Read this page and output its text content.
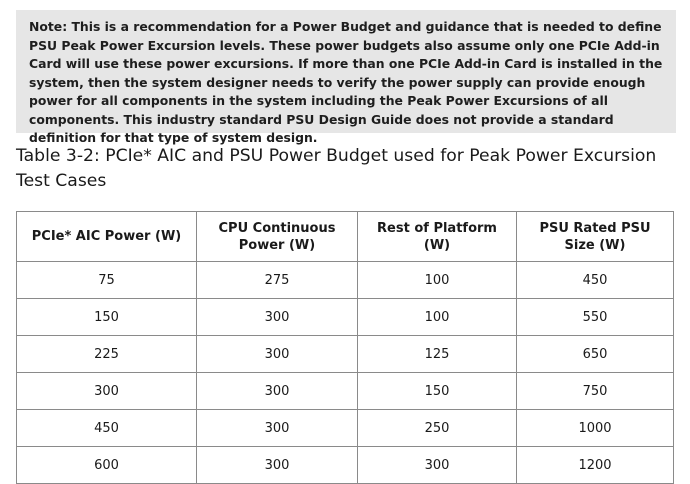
Note: This is a recommendation for a Power Budget and guidance that is needed to define PSU Peak Power Excursion levels. These power budgets also assume only one PCIe Add-in Card will use these power excursions. If more than one PCIe Add-in Card is installed in the system, then the system designer needs to verify the power supply can provide enough power for all components in the system including the Peak Power Excursions of all components. This industry standard PSU Design Guide does not provide a standard definition for that type of system design.

Table 3-2: PCIe* AIC and PSU Power Budget used for Peak Power Excursion Test Cases
PCIe* AIC Power (W)	CPU Continuous Power (W)	Rest of Platform (W)	PSU Rated PSU Size (W)
75	275	100	450
150	300	100	550
225	300	125	650
300	300	150	750
450	300	250	1000
600	300	300	1200
